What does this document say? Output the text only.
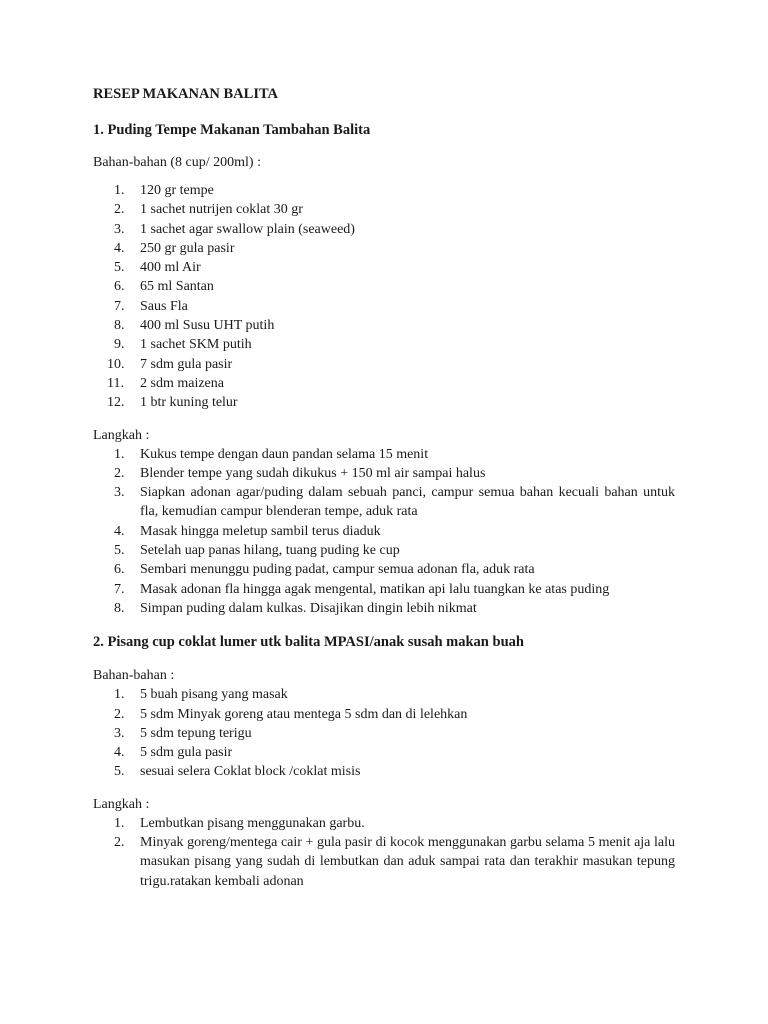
RESEP MAKANAN BALITA
1. Puding Tempe Makanan Tambahan Balita

Bahan-bahan (8 cup/ 200ml) :

1. 120 gr tempe
2. 1 sachet nutrijen coklat 30 gr
3. 1 sachet agar swallow plain (seaweed)
4. 250 gr gula pasir
5. 400 ml Air
6. 65 ml Santan
7. Saus Fla
8. 400 ml Susu UHT putih
9. 1 sachet SKM putih
10. 7 sdm gula pasir
11. 2 sdm maizena
12. 1 btr kuning telur

Langkah :

1. Kukus tempe dengan daun pandan selama 15 menit
2. Blender tempe yang sudah dikukus + 150 ml air sampai halus
3. Siapkan adonan agar/puding dalam sebuah panci, campur semua bahan kecuali bahan untuk fla, kemudian campur blenderan tempe, aduk rata
4. Masak hingga meletup sambil terus diaduk
5. Setelah uap panas hilang, tuang puding ke cup
6. Sembari menunggu puding padat, campur semua adonan fla, aduk rata
7. Masak adonan fla hingga agak mengental, matikan api lalu tuangkan ke atas puding
8. Simpan puding dalam kulkas. Disajikan dingin lebih nikmat
2. Pisang cup coklat lumer utk balita MPASI/anak susah makan buah

Bahan-bahan :

1. 5 buah pisang yang masak
2. 5 sdm Minyak goreng atau mentega 5 sdm dan di lelehkan
3. 5 sdm tepung terigu
4. 5 sdm gula pasir
5. sesuai selera Coklat block /coklat misis

Langkah :

1. Lembutkan pisang menggunakan garbu.
2. Minyak goreng/mentega cair + gula pasir di kocok menggunakan garbu selama 5 menit aja lalu masukan pisang yang sudah di lembutkan dan aduk sampai rata dan terakhir masukan tepung trigu.ratakan kembali adonan
